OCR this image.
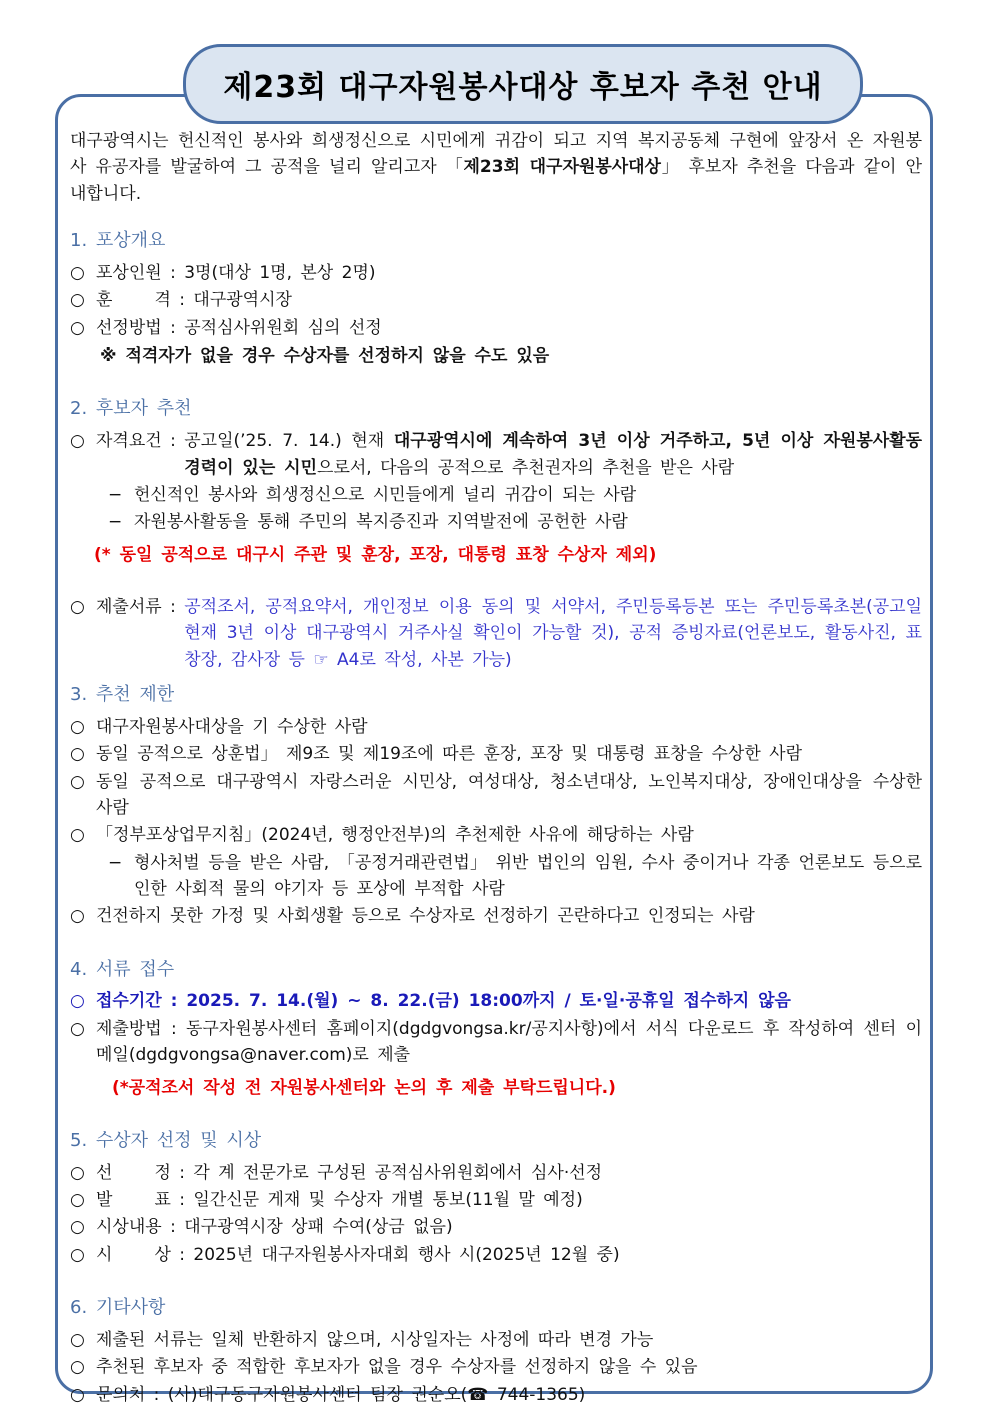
제23회 대구자원봉사대상 후보자 추천 안내

대구광역시는 헌신적인 봉사와 희생정신으로 시민에게 귀감이 되고 지역 복지공동체 구현에 앞장서 온 자원봉사 유공자를 발굴하여 그 공적을 널리 알리고자 「제23회 대구자원봉사대상」 후보자 추천을 다음과 같이 안내합니다.

1. 포상개요
○ 포상인원 : 3명(대상 1명, 본상 2명)
○ 훈     격 : 대구광역시장
○ 선정방법 : 공적심사위원회 심의 선정
※ 적격자가 없을 경우 수상자를 선정하지 않을 수도 있음
2. 후보자 추천
○ 자격요건 : 공고일(’25. 7. 14.) 현재 대구광역시에 계속하여 3년 이상 거주하고, 5년 이상 자원봉사활동 경력이 있는 시민으로서, 다음의 공적으로 추천권자의 추천을 받은 사람
− 헌신적인 봉사와 희생정신으로 시민들에게 널리 귀감이 되는 사람
− 자원봉사활동을 통해 주민의 복지증진과 지역발전에 공헌한 사람
(* 동일 공적으로 대구시 주관 및 훈장, 포장, 대통령 표창 수상자 제외)
○ 제출서류 : 공적조서, 공적요약서, 개인정보 이용 동의 및 서약서, 주민등록등본 또는 주민등록초본(공고일 현재 3년 이상 대구광역시 거주사실 확인이 가능할 것), 공적 증빙자료(언론보도, 활동사진, 표창장, 감사장 등 ☞ A4로 작성, 사본 가능)
3. 추천 제한
○ 대구자원봉사대상을 기 수상한 사람
○ 동일 공적으로 상훈법」 제9조 및 제19조에 따른 훈장, 포장 및 대통령 표창을 수상한 사람
○ 동일 공적으로 대구광역시 자랑스러운 시민상, 여성대상, 청소년대상, 노인복지대상, 장애인대상을 수상한 사람
○ 「정부포상업무지침」(2024년, 행정안전부)의 추천제한 사유에 해당하는 사람
− 형사처벌 등을 받은 사람, 「공정거래관련법」 위반 법인의 임원, 수사 중이거나 각종 언론보도 등으로 인한 사회적 물의 야기자 등 포상에 부적합 사람
○ 건전하지 못한 가정 및 사회생활 등으로 수상자로 선정하기 곤란하다고 인정되는 사람
4. 서류 접수
○ 접수기간 : 2025. 7. 14.(월) ~ 8. 22.(금) 18:00까지 / 토·일·공휴일 접수하지 않음
○ 제출방법 : 동구자원봉사센터 홈페이지(dgdgvongsa.kr/공지사항)에서 서식 다운로드 후 작성하여 센터 이메일(dgdgvongsa@naver.com)로 제출
(*공적조서 작성 전 자원봉사센터와 논의 후 제출 부탁드립니다.)
5. 수상자 선정 및 시상
○ 선     정 : 각 계 전문가로 구성된 공적심사위원회에서 심사·선정
○ 발     표 : 일간신문 게재 및 수상자 개별 통보(11월 말 예정)
○ 시상내용 : 대구광역시장 상패 수여(상금 없음)
○ 시     상 : 2025년 대구자원봉사자대회 행사 시(2025년 12월 중)
6. 기타사항
○ 제출된 서류는 일체 반환하지 않으며, 시상일자는 사정에 따라 변경 가능
○ 추천된 후보자 중 적합한 후보자가 없을 경우 수상자를 선정하지 않을 수 있음
○ 문의처 : (사)대구동구자원봉사센터 팀장 권순오(☎ 744-1365)
